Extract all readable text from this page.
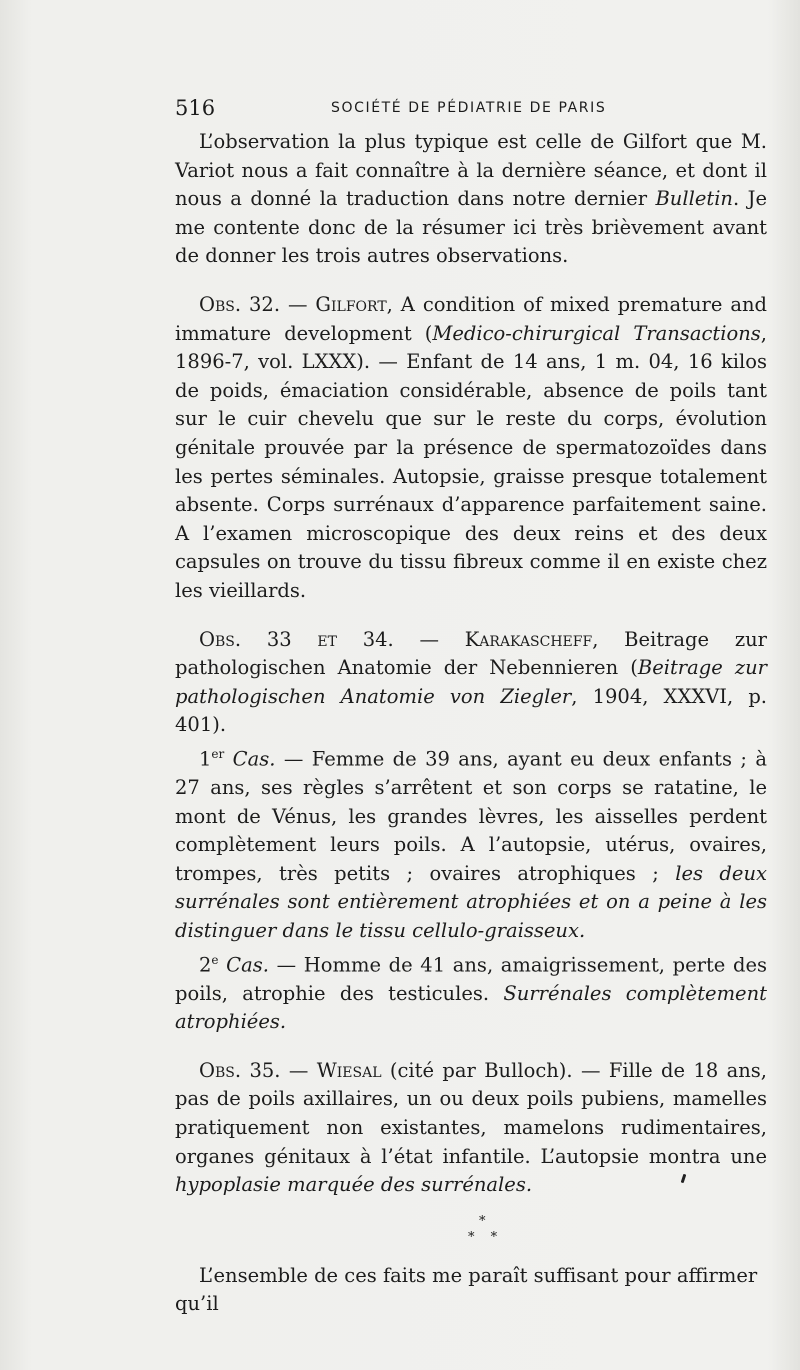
516	SOCIÉTÉ DE PÉDIATRIE DE PARIS

L’observation la plus typique est celle de Gilfort que M. Variot nous a fait connaître à la dernière séance, et dont il nous a donné la traduction dans notre dernier Bulletin. Je me contente donc de la résumer ici très brièvement avant de donner les trois autres observations.

Obs. 32. — Gilfort, A condition of mixed premature and immature development (Medico-chirurgical Transactions, 1896-7, vol. LXXX). — Enfant de 14 ans, 1 m. 04, 16 kilos de poids, émaciation considérable, absence de poils tant sur le cuir chevelu que sur le reste du corps, évolution génitale prouvée par la présence de spermatozoïdes dans les pertes séminales. Autopsie, graisse presque totalement absente. Corps surrénaux d’apparence parfaitement saine. A l’examen microscopique des deux reins et des deux capsules on trouve du tissu fibreux comme il en existe chez les vieillards.

Obs. 33 et 34. — Karakascheff, Beitrage zur pathologischen Anatomie der Nebennieren (Beitrage zur pathologischen Anatomie von Ziegler, 1904, XXXVI, p. 401).

1er Cas. — Femme de 39 ans, ayant eu deux enfants ; à 27 ans, ses règles s’arrêtent et son corps se ratatine, le mont de Vénus, les grandes lèvres, les aisselles perdent complètement leurs poils. A l’autopsie, utérus, ovaires, trompes, très petits ; ovaires atrophiques ; les deux surrénales sont entièrement atrophiées et on a peine à les distinguer dans le tissu cellulo-graisseux.

2e Cas. — Homme de 41 ans, amaigrissement, perte des poils, atrophie des testicules. Surrénales complètement atrophiées.

Obs. 35. — Wiesal (cité par Bulloch). — Fille de 18 ans, pas de poils axillaires, un ou deux poils pubiens, mamelles pratiquement non existantes, mamelons rudimentaires, organes génitaux à l’état infantile. L’autopsie montra une hypoplasie marquée des surrénales.

*
* *

L’ensemble de ces faits me paraît suffisant pour affirmer qu’il
